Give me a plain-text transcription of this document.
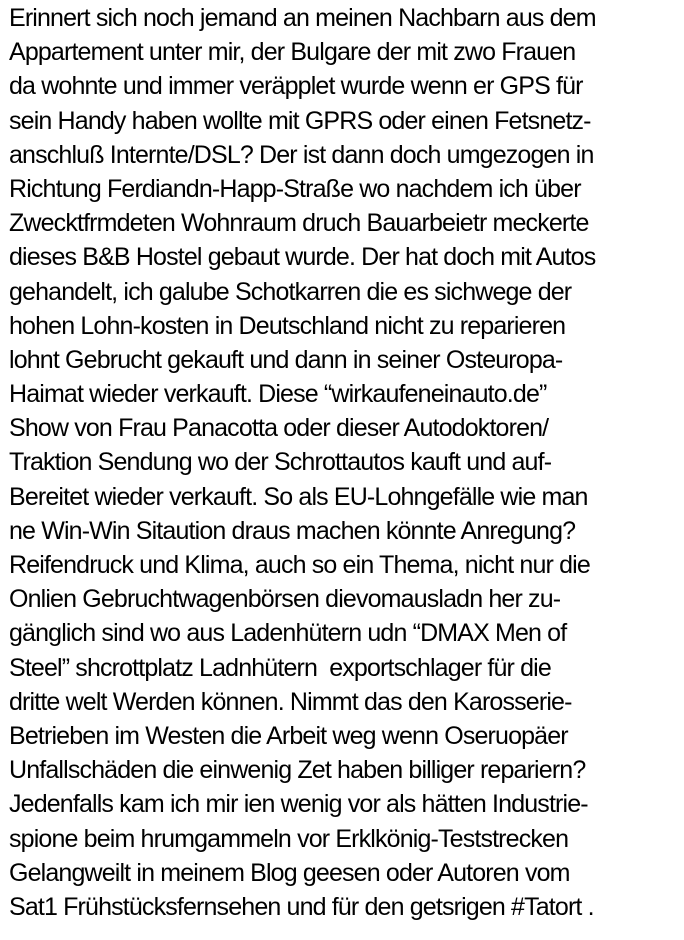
Erinnert sich noch jemand an meinen Nachbarn aus dem
Appartement unter mir, der Bulgare der mit zwo Frauen
da wohnte und immer veräpplet wurde wenn er GPS für
sein Handy haben wollte mit GPRS oder einen Fetsnetz-
anschluß Internte/DSL? Der ist dann doch umgezogen in
Richtung Ferdiandn-Happ-Straße wo nachdem ich über
Zwecktfrmdeten Wohnraum druch Bauarbeietr meckerte
dieses B&B Hostel gebaut wurde. Der hat doch mit Autos
gehandelt, ich galube Schotkarren die es sichwege der
hohen Lohn-kosten in Deutschland nicht zu reparieren
lohnt Gebrucht gekauft und dann in seiner Osteuropa-
Haimat wieder verkauft. Diese “wirkaufeneinauto.de”
Show von Frau Panacotta oder dieser Autodoktoren/
Traktion Sendung wo der Schrottautos kauft und auf-
Bereitet wieder verkauft. So als EU-Lohngefälle wie man
ne Win-Win Sitaution draus machen könnte Anregung?
Reifendruck und Klima, auch so ein Thema, nicht nur die
Onlien Gebruchtwagenbörsen dievomausladn her zu-
gänglich sind wo aus Ladenhütern udn “DMAX Men of
Steel” shcrottplatz Ladnhütern  exportschlager für die
dritte welt Werden können. Nimmt das den Karosserie-
Betrieben im Westen die Arbeit weg wenn Oseruopäer
Unfallschäden die einwenig Zet haben billiger repariern?
Jedenfalls kam ich mir ien wenig vor als hätten Industrie-
spione beim hrumgammeln vor Erklkönig-Teststrecken
Gelangweilt in meinem Blog geesen oder Autoren vom
Sat1 Frühstücksfernsehen und für den getsrigen #Tatort .
